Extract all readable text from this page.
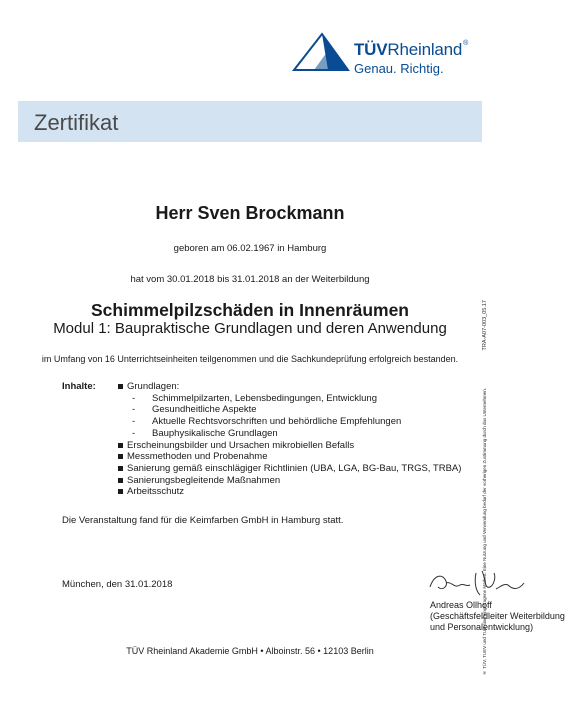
TÜVRheinland®
Genau. Richtig.
Zertifikat
Herr Sven Brockmann
geboren am 06.02.1967 in Hamburg
hat vom 30.01.2018 bis 31.01.2018 an der Weiterbildung
Schimmelpilzschäden in Innenräumen
Modul 1: Baupraktische Grundlagen und deren Anwendung
im Umfang von 16 Unterrichtseinheiten teilgenommen und die Sachkundeprüfung erfolgreich bestanden.
Inhalte:	Grundlagen:
- Schimmelpilzarten, Lebensbedingungen, Entwicklung
- Gesundheitliche Aspekte
- Aktuelle Rechtsvorschriften und behördliche Empfehlungen
- Bauphysikalische Grundlagen
Erscheinungsbilder und Ursachen mikrobiellen Befalls
Messmethoden und Probenahme
Sanierung gemäß einschlägiger Richtlinien (UBA, LGA, BG-Bau, TRGS, TRBA)
Sanierungsbegleitende Maßnahmen
Arbeitsschutz
Die Veranstaltung fand für die Keimfarben GmbH in Hamburg statt.
München, den 31.01.2018
Andreas Ollhoff
(Geschäftsfeldleiter Weiterbildung
und Personalentwicklung)
TÜV Rheinland Akademie GmbH • Alboinstr. 56 • 12103 Berlin
TRA-A07-003_05.17
® TÜV, TUEV und TUV sind eingetragene Marken. Eine Nutzung und Verwendung bedarf der vorherigen Zustimmung durch das Unternehmen.
